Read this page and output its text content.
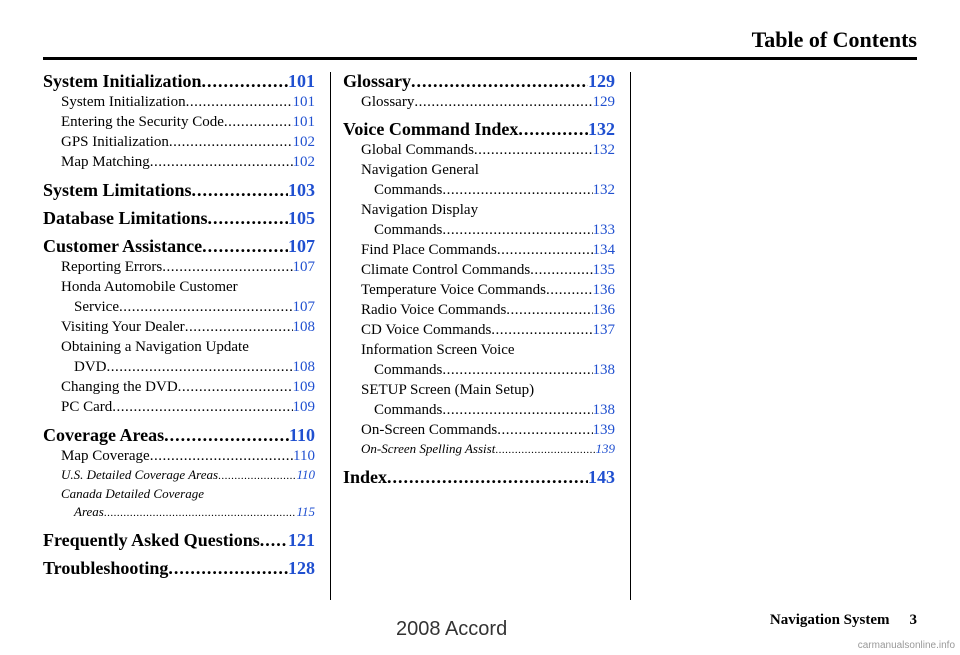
Table of Contents
System Initialization .....	101
System Initialization .....	101
Entering the Security Code .....	101
GPS Initialization .....	102
Map Matching .....	102
System Limitations .....	103
Database Limitations .....	105
Customer Assistance .....	107
Reporting Errors .....	107
Honda Automobile Customer
Service .....	107
Visiting Your Dealer .....	108
Obtaining a Navigation Update
DVD .....	108
Changing the DVD .....	109
PC Card .....	109
Coverage Areas .....	110
Map Coverage .....	110
U.S. Detailed Coverage Areas .....	110
Canada Detailed Coverage
Areas .....	115
Frequently Asked Questions ..... 121
Troubleshooting .....	128
Glossary .....	129
Glossary .....	129
Voice Command Index .....	132
Global Commands .....	132
Navigation General
Commands .....	132
Navigation Display
Commands .....	133
Find Place Commands .....	134
Climate Control Commands .....	135
Temperature Voice Commands .....	136
Radio Voice Commands .....	136
CD Voice Commands .....	137
Information Screen Voice
Commands .....	138
SETUP Screen (Main Setup)
Commands .....	138
On-Screen Commands .....	139
On-Screen Spelling Assist .....	139
Index .....	143
Navigation System 3
2008 Accord
carmanualsonline.info
